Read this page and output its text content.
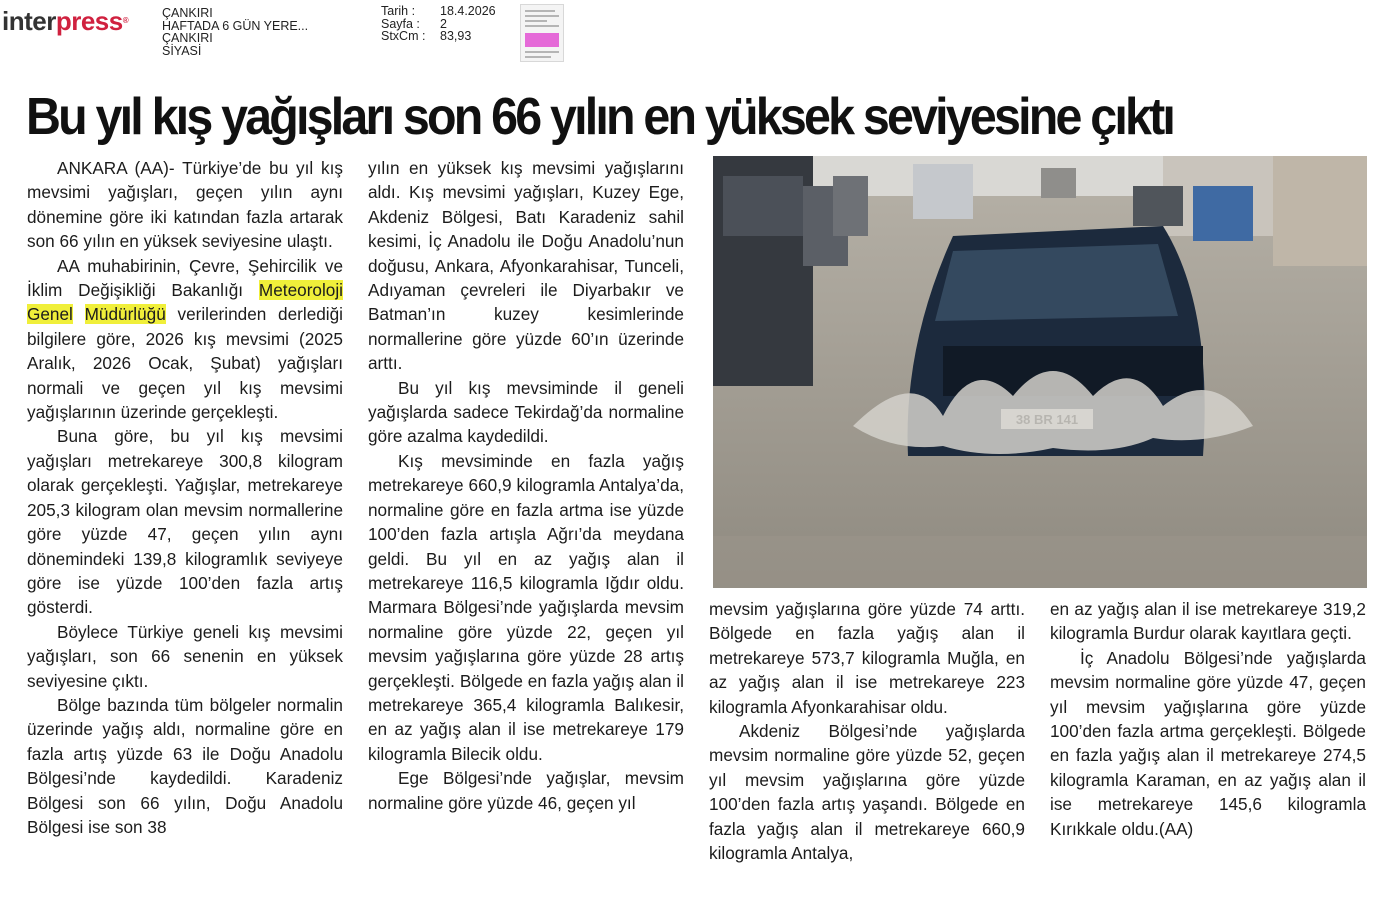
interpress®
ÇANKIRI
HAFTADA 6 GÜN YERE...
ÇANKIRI
SİYASİ
Tarih : 18.4.2026
Sayfa : 2
StxCm : 83,93
Bu yıl kış yağışları son 66 yılın en yüksek seviyesine çıktı

ANKARA (AA)- Türkiye’de bu yıl kış mevsimi yağışları, geçen yılın aynı dönemine göre iki katından fazla artarak son 66 yılın en yüksek seviyesine ulaştı.

AA muhabirinin, Çevre, Şehircilik ve İklim Değişikliği Bakanlığı Meteoroloji Genel Müdürlüğü verilerinden derlediği bilgilere göre, 2026 kış mevsimi (2025 Aralık, 2026 Ocak, Şubat) yağışları normali ve geçen yıl kış mevsimi yağışlarının üzerinde gerçekleşti.

Buna göre, bu yıl kış mevsimi yağışları metrekareye 300,8 kilogram olarak gerçekleşti. Yağışlar, metrekareye 205,3 kilogram olan mevsim normallerine göre yüzde 47, geçen yılın aynı dönemindeki 139,8 kilogramlık seviyeye göre ise yüzde 100’den fazla artış gösterdi.

Böylece Türkiye geneli kış mevsimi yağışları, son 66 senenin en yüksek seviyesine çıktı.

Bölge bazında tüm bölgeler normalin üzerinde yağış aldı, normaline göre en fazla artış yüzde 63 ile Doğu Anadolu Bölgesi’nde kaydedildi. Karadeniz Bölgesi son 66 yılın, Doğu Anadolu Bölgesi ise son 38

yılın en yüksek kış mevsimi yağışlarını aldı. Kış mevsimi yağışları, Kuzey Ege, Akdeniz Bölgesi, Batı Karadeniz sahil kesimi, İç Anadolu ile Doğu Anadolu’nun doğusu, Ankara, Afyonkarahisar, Tunceli, Adıyaman çevreleri ile Diyarbakır ve Batman’ın kuzey kesimlerinde normallerine göre yüzde 60’ın üzerinde arttı.

Bu yıl kış mevsiminde il geneli yağışlarda sadece Tekirdağ’da normaline göre azalma kaydedildi.

Kış mevsiminde en fazla yağış metrekareye 660,9 kilogramla Antalya’da, normaline göre en fazla artma ise yüzde 100’den fazla artışla Ağrı’da meydana geldi. Bu yıl en az yağış alan il metrekareye 116,5 kilogramla Iğdır oldu. Marmara Bölgesi’nde yağışlarda mevsim normaline göre yüzde 22, geçen yıl mevsim yağışlarına göre yüzde 28 artış gerçekleşti. Bölgede en fazla yağış alan il metrekareye 365,4 kilogramla Balıkesir, en az yağış alan il ise metrekareye 179 kilogramla Bilecik oldu.

Ege Bölgesi’nde yağışlar, mevsim normaline göre yüzde 46, geçen yıl

mevsim yağışlarına göre yüzde 74 arttı. Bölgede en fazla yağış alan il metrekareye 573,7 kilogramla Muğla, en az yağış alan il ise metrekareye 223 kilogramla Afyonkarahisar oldu.

Akdeniz Bölgesi’nde yağışlarda mevsim normaline göre yüzde 52, geçen yıl mevsim yağışlarına göre yüzde 100’den fazla artış yaşandı. Bölgede en fazla yağış alan il metrekareye 660,9 kilogramla Antalya,

en az yağış alan il ise metrekareye 319,2 kilogramla Burdur olarak kayıtlara geçti.

İç Anadolu Bölgesi’nde yağışlarda mevsim normaline göre yüzde 47, geçen yıl mevsim yağışlarına göre yüzde 100’den fazla artma gerçekleşti. Bölgede en fazla yağış alan il metrekareye 274,5 kilogramla Karaman, en az yağış alan il ise metrekareye 145,6 kilogramla Kırıkkale oldu.(AA)
